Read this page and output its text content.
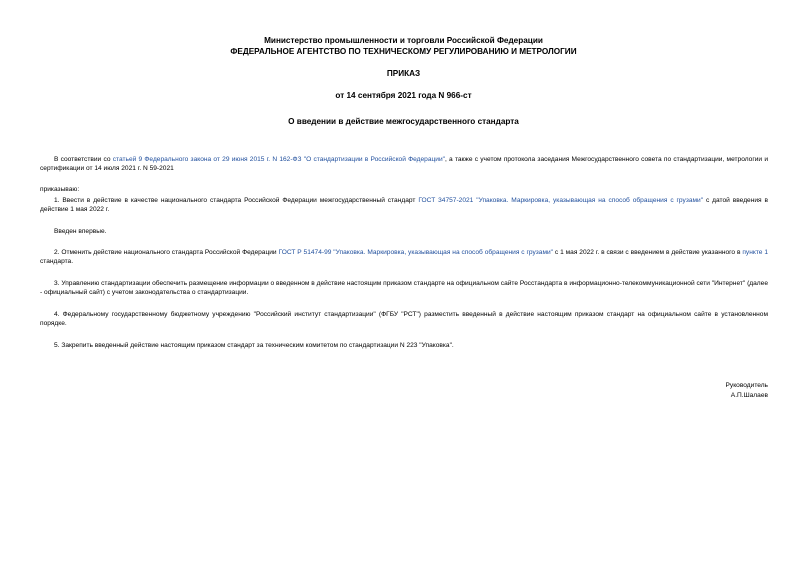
Министерство промышленности и торговли Российской Федерации
ФЕДЕРАЛЬНОЕ АГЕНТСТВО ПО ТЕХНИЧЕСКОМУ РЕГУЛИРОВАНИЮ И МЕТРОЛОГИИ
ПРИКАЗ
от 14 сентября 2021 года N 966-ст
О введении в действие межгосударственного стандарта
В соответствии со статьей 9 Федерального закона от 29 июня 2015 г. N 162-ФЗ "О стандартизации в Российской Федерации", а также с учетом протокола заседания Межгосударственного совета по стандартизации, метрологии и сертификации от 14 июля 2021 г. N 59-2021
приказываю:
1. Ввести в действие в качестве национального стандарта Российской Федерации межгосударственный стандарт ГОСТ 34757-2021 "Упаковка. Маркировка, указывающая на способ обращения с грузами" с датой введения в действие 1 мая 2022 г.
Введен впервые.
2. Отменить действие национального стандарта Российской Федерации ГОСТ Р 51474-99 "Упаковка. Маркировка, указывающая на способ обращения с грузами" с 1 мая 2022 г. в связи с введением в действие указанного в пункте 1 стандарта.
3. Управлению стандартизации обеспечить размещение информации о введенном в действие настоящим приказом стандарте на официальном сайте Росстандарта в информационно-телекоммуникационной сети "Интернет" (далее - официальный сайт) с учетом законодательства о стандартизации.
4. Федеральному государственному бюджетному учреждению "Российский институт стандартизации" (ФГБУ "РСТ") разместить введенный в действие настоящим приказом стандарт на официальном сайте в установленном порядке.
5. Закрепить введенный действие настоящим приказом стандарт за техническим комитетом по стандартизации N 223 "Упаковка".
Руководитель
А.П.Шалаев
